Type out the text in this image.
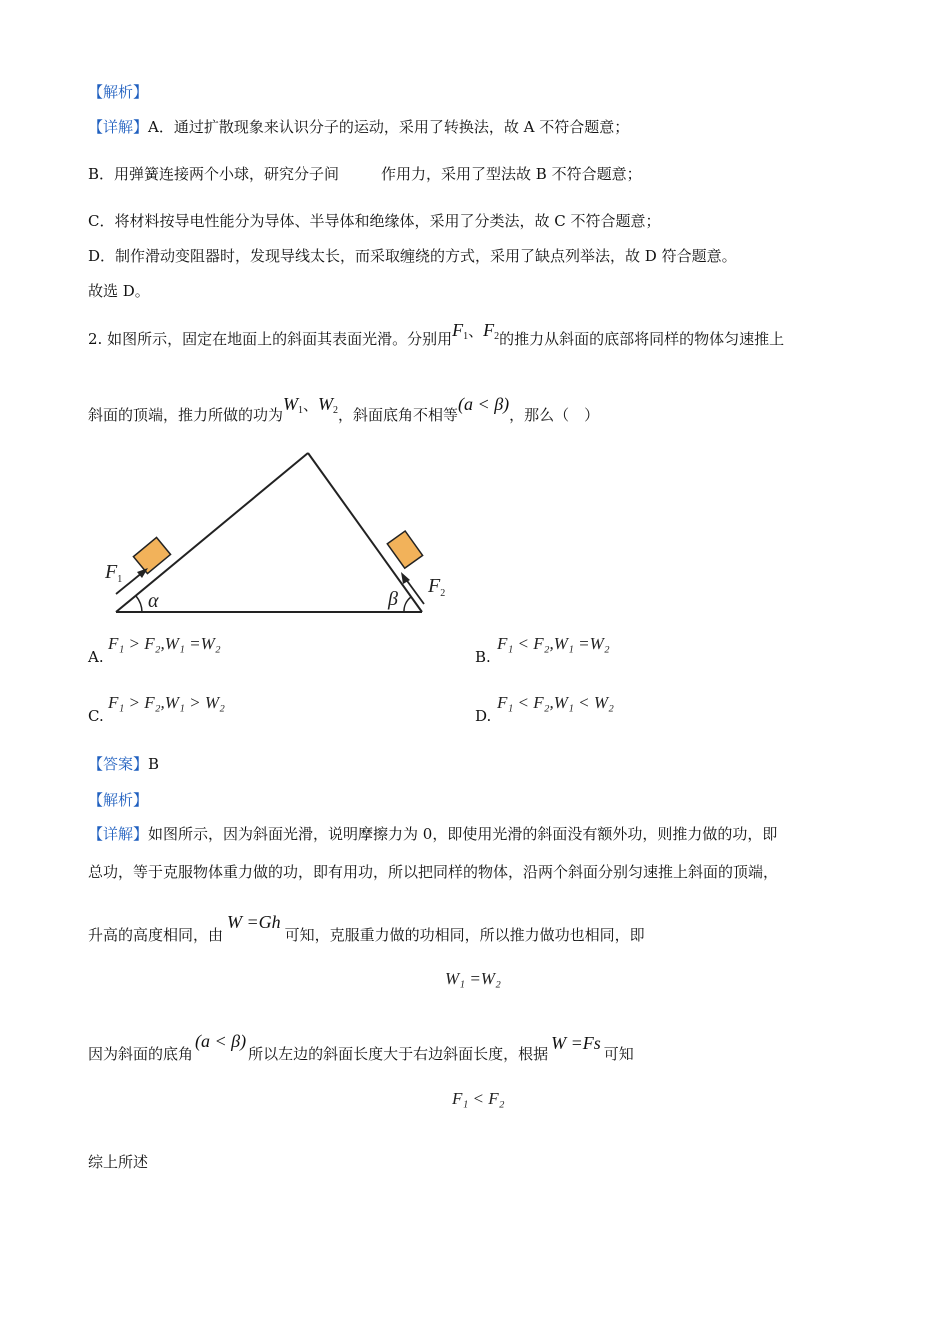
【解析】
【详解】A．通过扩散现象来认识分子的运动，采用了转换法，故 A 不符合题意；
B．用弹簧连接两个小球，研究分子间	作用力，采用了型法故 B 不符合题意；
C．将材料按导电性能分为导体、半导体和绝缘体，采用了分类法，故 C 不符合题意；
D．制作滑动变阻器时，发现导线太长，而采取缠绕的方式，采用了缺点列举法，故 D 符合题意。
故选 D。
2. 如图所示，固定在地面上的斜面其表面光滑。分别用$F_1$、$F_2$的推力从斜面的底部将同样的物体匀速推上
斜面的顶端，推力所做的功为$W_1$、$W_2$，斜面底角不相等(a < β)，那么（　）
$F_1$	$F_2$
α	β
A.
F₁ > F₂,W₁ =W₂
B.
F₁ < F₂,W₁ =W₂
C.
F₁ > F₂,W₁ > W₂
D.
F₁ < F₂,W₁ < W₂
【答案】B
【解析】
【详解】如图所示，因为斜面光滑，说明摩擦力为 0，即使用光滑的斜面没有额外功，则推力做的功，即
总功，等于克服物体重力做的功，即有用功，所以把同样的物体，沿两个斜面分别匀速推上斜面的顶端，
升高的高度相同，由W =Gh可知，克服重力做的功相同，所以推力做功也相同，即
W₁ =W₂
因为斜面的底角(a < β)所以左边的斜面长度大于右边斜面长度，根据W =Fs可知
F₁ < F₂
综上所述
